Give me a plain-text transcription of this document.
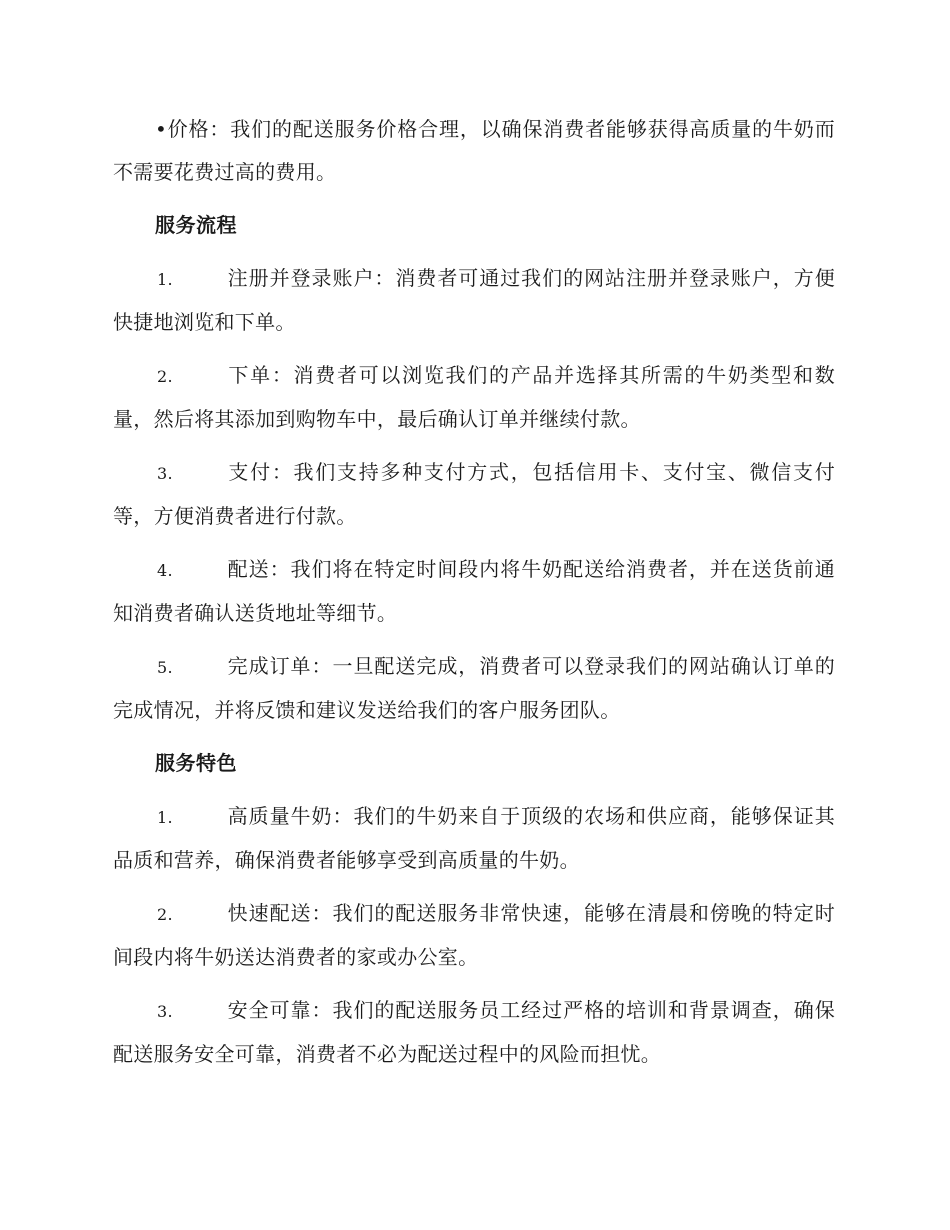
•价格：我们的配送服务价格合理，以确保消费者能够获得高质量的牛奶而不需要花费过高的费用。

服务流程

1.	注册并登录账户：消费者可通过我们的网站注册并登录账户，方便快捷地浏览和下单。

2.	下单：消费者可以浏览我们的产品并选择其所需的牛奶类型和数量，然后将其添加到购物车中，最后确认订单并继续付款。

3.	支付：我们支持多种支付方式，包括信用卡、支付宝、微信支付等，方便消费者进行付款。

4.	配送：我们将在特定时间段内将牛奶配送给消费者，并在送货前通知消费者确认送货地址等细节。

5.	完成订单：一旦配送完成，消费者可以登录我们的网站确认订单的完成情况，并将反馈和建议发送给我们的客户服务团队。

服务特色

1.	高质量牛奶：我们的牛奶来自于顶级的农场和供应商，能够保证其品质和营养，确保消费者能够享受到高质量的牛奶。

2.	快速配送：我们的配送服务非常快速，能够在清晨和傍晚的特定时间段内将牛奶送达消费者的家或办公室。

3.	安全可靠：我们的配送服务员工经过严格的培训和背景调查，确保配送服务安全可靠，消费者不必为配送过程中的风险而担忧。
